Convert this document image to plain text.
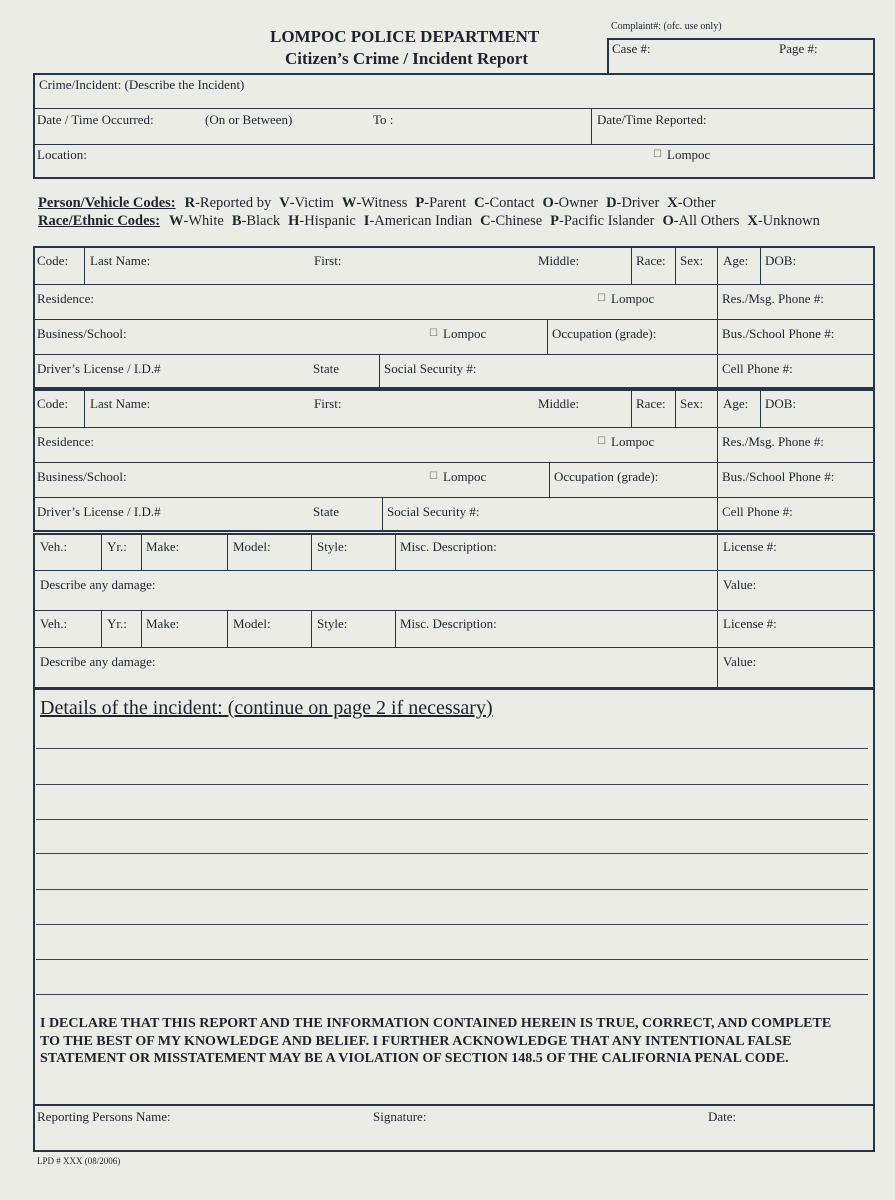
LOMPOC POLICE DEPARTMENT
Citizen’s Crime / Incident Report
Complaint#: (ofc. use only)
Case #:	Page #:
Crime/Incident: (Describe the Incident)
Date / Time Occurred:	(On or Between)	To :	Date/Time Reported:
Location:	☐ Lompoc
Person/Vehicle Codes: R-Reported by V-Victim W-Witness P-Parent C-Contact O-Owner D-Driver X-Other
Race/Ethnic Codes: W-White B-Black H-Hispanic I-American Indian C-Chinese P-Pacific Islander O-All Others X-Unknown
Code: Last Name:	First:	Middle:	Race: Sex: Age: DOB:
Residence:	Lompoc	Res./Msg. Phone #:
Business/School:	Lompoc	Occupation (grade):	Bus./School Phone #:
Driver’s License / I.D.#	State	Social Security #:	Cell Phone #:
☐
☐
Code: Last Name:	First:	Middle:	Race: Sex: Age: DOB:
Residence:	Lompoc	Res./Msg. Phone #:
Business/School:	Lompoc	Occupation (grade):	Bus./School Phone #:
Driver’s License / I.D.#	State	Social Security #:	Cell Phone #:
☐
☐
Veh.:	Yr.: Make:	Model:	Style:	Misc. Description:	License #:
Describe any damage:	Value:
Veh.:	Yr.: Make:	Model:	Style:	Misc. Description:	License #:
Describe any damage:	Value:
Details of the incident: (continue on page 2 if necessary)
I DECLARE THAT THIS REPORT AND THE INFORMATION CONTAINED HEREIN IS TRUE, CORRECT, AND COMPLETE TO THE BEST OF MY KNOWLEDGE AND BELIEF. I FURTHER ACKNOWLEDGE THAT ANY INTENTIONAL FALSE STATEMENT OR MISSTATEMENT MAY BE A VIOLATION OF SECTION 148.5 OF THE CALIFORNIA PENAL CODE.
Reporting Persons Name:	Signature:	Date:
LPD # XXX (08/2006)
